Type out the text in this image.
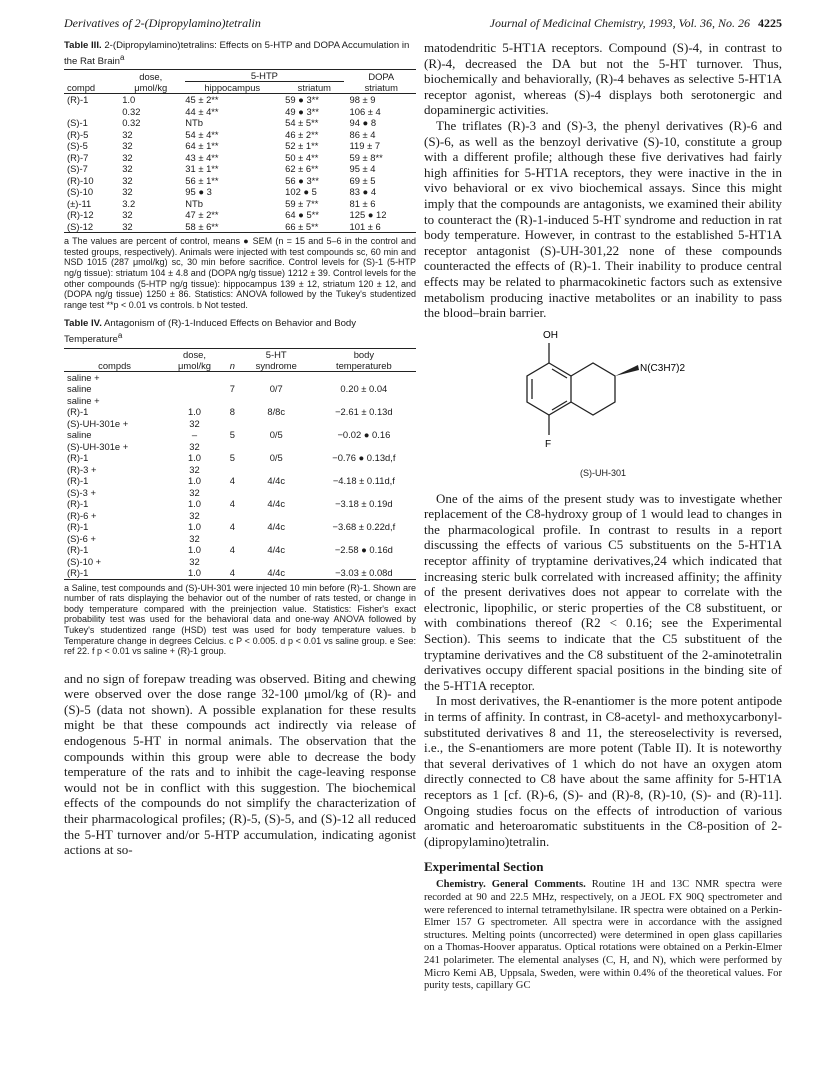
Derivatives of 2-(Dipropylamino)tetralin	Journal of Medicinal Chemistry, 1993, Vol. 36, No. 26 4225

Table III. 2-(Dipropylamino)tetralins: Effects on 5-HTP and DOPA Accumulation in the Rat Brain$^a$

	dose,	5-HTP		DOPA
compd	μmol/kg	hippocampus	striatum	striatum
(R)-1	1.0	45 ± 2**	59 ● 3**	98 ± 9
	0.32	44 ± 4**	49 ● 3**	106 ± 4
(S)-1	0.32	NTb	54 ± 5**	94 ● 8
(R)-5	32	54 ± 4**	46 ± 2**	86 ± 4
(S)-5	32	64 ± 1**	52 ± 1**	119 ± 7
(R)-7	32	43 ± 4**	50 ± 4**	59 ± 8**
(S)-7	32	31 ± 1**	62 ± 6**	95 ± 4
(R)-10	32	56 ± 1**	56 ● 3**	69 ± 5
(S)-10	32	95 ● 3	102 ● 5	83 ● 4
(±)-11	3.2	NTb	59 ± 7**	81 ± 6
(R)-12	32	47 ± 2**	64 ● 5**	125 ● 12
(S)-12	32	58 ± 6**	66 ± 5**	101 ± 6

a The values are percent of control, means ● SEM (n = 15 and 5–6 in the control and tested groups, respectively). Animals were injected with test compounds sc, 60 min and NSD 1015 (287 μmol/kg) sc, 30 min before sacrifice. Control levels for (S)-1 (5-HTP ng/g tissue): striatum 104 ± 4.8 and (DOPA ng/g tissue) 1212 ± 39. Control levels for the other compounds (5-HTP ng/g tissue): hippocampus 139 ± 12, striatum 120 ± 12, and (DOPA ng/g tissue) 1250 ± 86. Statistics: ANOVA followed by the Tukey's studentized range test **p < 0.01 vs controls. b Not tested.

Table IV. Antagonism of (R)-1-Induced Effects on Behavior and Body Temperature$^a$

	dose,		5-HT	body
compds	μmol/kg	n	syndrome	temperatureb
saline +				
saline		7	0/7	0.20 ± 0.04
saline +				
(R)-1	1.0	8	8/8c	−2.61 ± 0.13d
(S)-UH-301e +	32			
saline	–	5	0/5	−0.02 ● 0.16
(S)-UH-301e +	32			
(R)-1	1.0	5	0/5	−0.76 ● 0.13d,f
(R)-3 +	32			
(R)-1	1.0	4	4/4c	−4.18 ± 0.11d,f
(S)-3 +	32			
(R)-1	1.0	4	4/4c	−3.18 ± 0.19d
(R)-6 +	32			
(R)-1	1.0	4	4/4c	−3.68 ± 0.22d,f
(S)-6 +	32			
(R)-1	1.0	4	4/4c	−2.58 ● 0.16d
(S)-10 +	32			
(R)-1	1.0	4	4/4c	−3.03 ± 0.08d

a Saline, test compounds and (S)-UH-301 were injected 10 min before (R)-1. Shown are number of rats displaying the behavior out of the number of rats tested, or change in body temperature compared with the preinjection value. Statistics: Fisher's exact probability test was used for the behavioral data and one-way ANOVA followed by Tukey's studentized range (HSD) test was used for body temperature values. b Temperature change in degrees Celcius. c P < 0.005. d p < 0.01 vs saline group. e See: ref 22. f p < 0.01 vs saline + (R)-1 group.

and no sign of forepaw treading was observed. Biting and chewing were observed over the dose range 32-100 μmol/kg of (R)- and (S)-5 (data not shown). A possible explanation for these results might be that these compounds act indirectly via release of endogenous 5-HT in normal animals. The observation that the compounds within this group were able to decrease the body temperature of the rats and to inhibit the cage-leaving response would not be in conflict with this suggestion. The biochemical effects of the compounds do not simplify the characterization of their pharmacological profiles; (R)-5, (S)-5, and (S)-12 all reduced the 5-HT turnover and/or 5-HTP accumulation, indicating agonist actions at so-

matodendritic 5-HT1A receptors. Compound (S)-4, in contrast to (R)-4, decreased the DA but not the 5-HT turnover. Thus, biochemically and behaviorally, (R)-4 behaves as selective 5-HT1A receptor agonist, whereas (S)-4 displays both serotonergic and dopaminergic activities.

The triflates (R)-3 and (S)-3, the phenyl derivatives (R)-6 and (S)-6, as well as the benzoyl derivative (S)-10, constitute a group with a different profile; although these five derivatives had fairly high affinities for 5-HT1A receptors, they were inactive in the in vivo behavioral or ex vivo biochemical assays. Since this might imply that the compounds are antagonists, we examined their ability to counteract the (R)-1-induced 5-HT syndrome and reduction in rat body temperature. However, in contrast to the established 5-HT1A receptor antagonist (S)-UH-301,22 none of these compounds counteracted the effects of (R)-1. Their inability to produce central effects may be related to pharmacokinetic factors such as extensive metabolism producing inactive metabolites or an inability to pass the blood–brain barrier.

OH
N(C3H7)2
F
(S)-UH-301

One of the aims of the present study was to investigate whether replacement of the C8-hydroxy group of 1 would lead to changes in the pharmacological profile. In contrast to results in a report discussing the effects of various C5 substituents on the 5-HT1A receptor affinity of tryptamine derivatives,24 which indicated that increasing steric bulk correlated with increased affinity; the affinity of the present derivatives does not appear to correlate with the electronic, lipophilic, or steric properties of the C8 substituent, or with combinations thereof (R2 < 0.16; see the Experimental Section). This seems to indicate that the C5 substituent of the tryptamine derivatives and the C8 substituent of the 2-aminotetralin derivatives occupy different spacial positions in the binding site of the 5-HT1A receptor.

In most derivatives, the R-enantiomer is the more potent antipode in terms of affinity. In contrast, in C8-acetyl- and methoxycarbonyl-substituted derivatives 8 and 11, the stereoselectivity is reversed, i.e., the S-enantiomers are more potent (Table II). It is noteworthy that several derivatives of 1 which do not have an oxygen atom directly connected to C8 have about the same affinity for 5-HT1A receptors as 1 [cf. (R)-6, (S)- and (R)-8, (R)-10, (S)- and (R)-11]. Ongoing studies focus on the effects of introduction of various aromatic and heteroaromatic substituents in the C8-position of 2-(dipropylamino)tetralin.

Experimental Section

Chemistry. General Comments. Routine 1H and 13C NMR spectra were recorded at 90 and 22.5 MHz, respectively, on a JEOL FX 90Q spectrometer and were referenced to internal tetramethylsilane. IR spectra were obtained on a Perkin-Elmer 157 G spectrometer. All spectra were in accordance with the assigned structures. Melting points (uncorrected) were determined in open glass capillaries on a Thomas-Hoover apparatus. Optical rotations were obtained on a Perkin-Elmer 241 polarimeter. The elemental analyses (C, H, and N), which were performed by Micro Kemi AB, Uppsala, Sweden, were within 0.4% of the theoretical values. For purity tests, capillary GC
